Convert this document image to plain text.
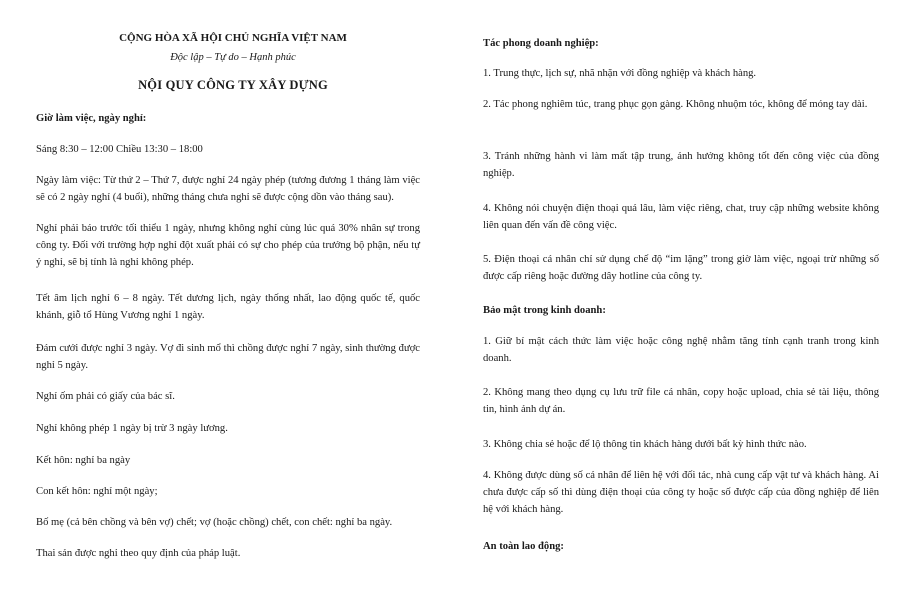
CỘNG HÒA XÃ HỘI CHỦ NGHĨA VIỆT NAM
Độc lập – Tự do – Hạnh phúc
NỘI QUY CÔNG TY XÂY DỰNG

Giờ làm việc, ngày nghỉ:

Sáng 8:30 – 12:00 Chiều 13:30 – 18:00

Ngày làm việc: Từ thứ 2 – Thứ 7, được nghỉ 24 ngày phép (tương đương 1 tháng làm việc sẽ có 2 ngày nghỉ (4 buổi), những tháng chưa nghỉ sẽ được cộng dồn vào tháng sau).

Nghỉ phải báo trước tối thiểu 1 ngày, nhưng không nghỉ cùng lúc quá 30% nhân sự trong công ty. Đối với trường hợp nghỉ đột xuất phải có sự cho phép của trưởng bộ phận, nếu tự ý nghỉ, sẽ bị tính là nghỉ không phép.

Tết âm lịch nghỉ 6 – 8 ngày. Tết dương lịch, ngày thống nhất, lao động quốc tế, quốc khánh, giỗ tổ Hùng Vương nghỉ 1 ngày.

Đám cưới được nghỉ 3 ngày. Vợ đi sinh mổ thì chồng được nghỉ 7 ngày, sinh thường được nghỉ 5 ngày.

Nghỉ ốm phải có giấy của bác sĩ.

Nghỉ không phép 1 ngày bị trừ 3 ngày lương.

Kết hôn: nghỉ ba ngày

Con kết hôn: nghỉ một ngày;

Bố mẹ (cả bên chồng và bên vợ) chết; vợ (hoặc chồng) chết, con chết: nghỉ ba ngày.

Thai sản được nghỉ theo quy định của pháp luật.

Tác phong doanh nghiệp:

1. Trung thực, lịch sự, nhã nhặn với đồng nghiệp và khách hàng.

2. Tác phong nghiêm túc, trang phục gọn gàng. Không nhuộm tóc, không để móng tay dài.

3. Tránh những hành vi làm mất tập trung, ảnh hưởng không tốt đến công việc của đồng nghiệp.

4. Không nói chuyện điện thoại quá lâu, làm việc riêng, chat, truy cập những website không liên quan đến vấn đề công việc.

5. Điện thoại cá nhân chỉ sử dụng chế độ “im lặng” trong giờ làm việc, ngoại trừ những số được cấp riêng hoặc đường dây hotline của công ty.

Bảo mật trong kinh doanh:

1. Giữ bí mật cách thức làm việc hoặc công nghệ nhằm tăng tính cạnh tranh trong kinh doanh.

2. Không mang theo dụng cụ lưu trữ file cá nhân, copy hoặc upload, chia sẻ tài liệu, thông tin, hình ảnh dự án.

3. Không chia sẻ hoặc để lộ thông tin khách hàng dưới bất kỳ hình thức nào.

4. Không được dùng số cá nhân để liên hệ với đối tác, nhà cung cấp vật tư và khách hàng. Ai chưa được cấp số thì dùng điện thoại của công ty hoặc số được cấp của đồng nghiệp để liên hệ với khách hàng.

An toàn lao động:
